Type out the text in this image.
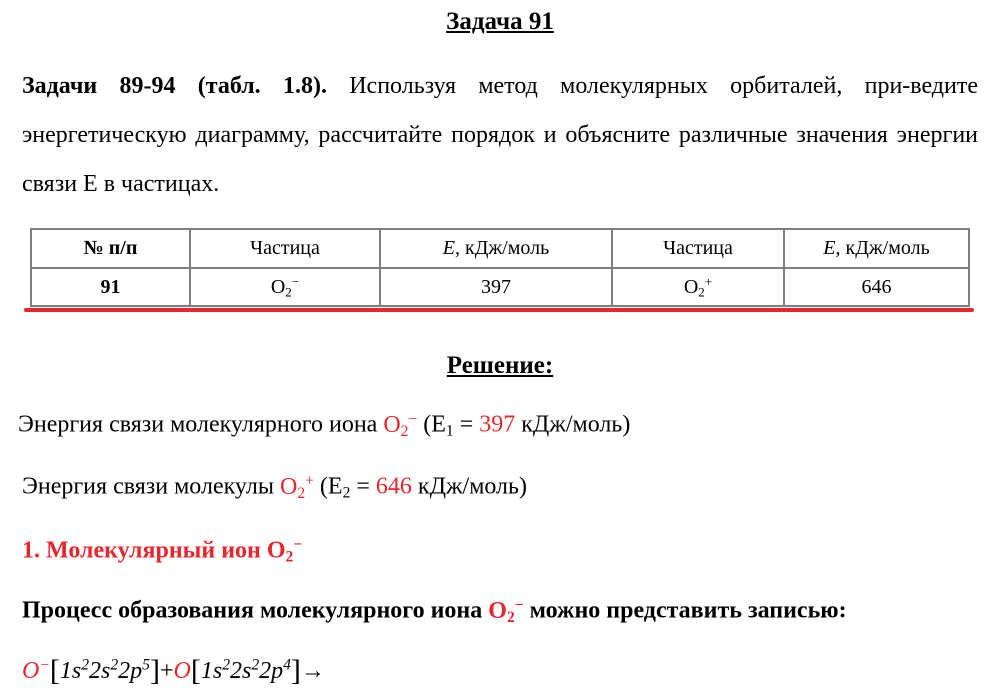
Задача 91
Задачи 89-94 (табл. 1.8). Используя метод молекулярных орбиталей, при-ведите энергетическую диаграмму, рассчитайте порядок и объясните различные значения энергии связи E в частицах.
№ п/п	Частица	E, кДж/моль	Частица	E, кДж/моль
91	$O_2^-$	397	$O_2^+$	646
Решение:
Энергия связи молекулярного иона $O_2^-$ ($E_1 = 397$ кДж/моль)
Энергия связи молекулы $O_2^+$ ($E_2 = 646$ кДж/моль)
1. Молекулярный ион $O_2^-$
Процесс образования молекулярного иона $O_2^-$ можно представить записью:
$O^-[1s^22s^22p^5]+O[1s^22s^22p^4]\to$
